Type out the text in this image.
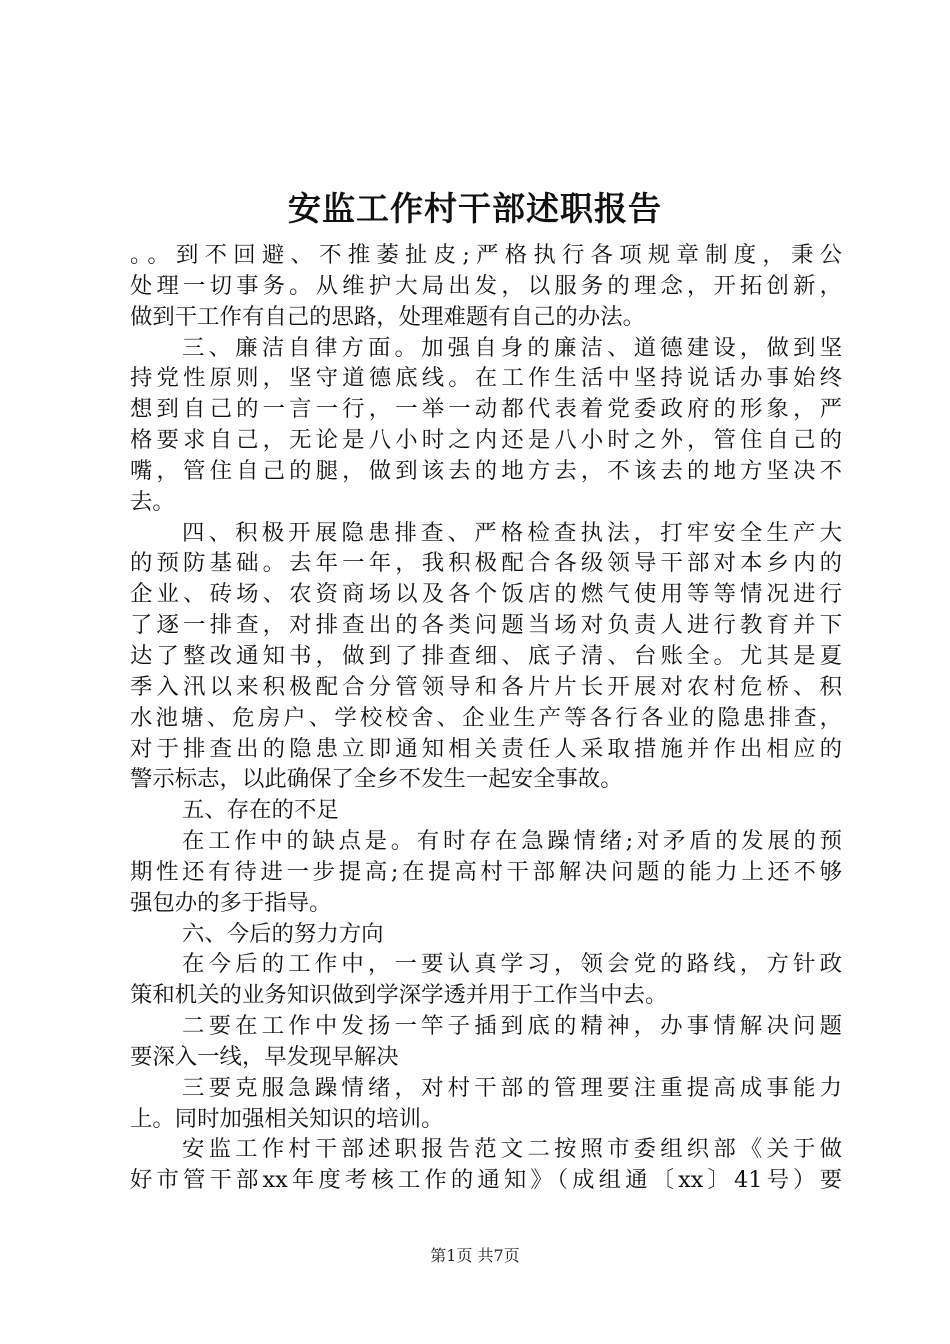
安监工作村干部述职报告
。。到不回避、不推萎扯皮;严格执行各项规章制度，秉公
处理一切事务。从维护大局出发，以服务的理念，开拓创新，
做到干工作有自己的思路，处理难题有自己的办法。
三、廉洁自律方面。加强自身的廉洁、道德建设，做到坚
持党性原则，坚守道德底线。在工作生活中坚持说话办事始终
想到自己的一言一行，一举一动都代表着党委政府的形象，严
格要求自己，无论是八小时之内还是八小时之外，管住自己的
嘴，管住自己的腿，做到该去的地方去，不该去的地方坚决不
去。
四、积极开展隐患排查、严格检查执法，打牢安全生产大
的预防基础。去年一年，我积极配合各级领导干部对本乡内的
企业、砖场、农资商场以及各个饭店的燃气使用等等情况进行
了逐一排查，对排查出的各类问题当场对负责人进行教育并下
达了整改通知书，做到了排查细、底子清、台账全。尤其是夏
季入汛以来积极配合分管领导和各片片长开展对农村危桥、积
水池塘、危房户、学校校舍、企业生产等各行各业的隐患排查，
对于排查出的隐患立即通知相关责任人采取措施并作出相应的
警示标志，以此确保了全乡不发生一起安全事故。
五、存在的不足
在工作中的缺点是。有时存在急躁情绪;对矛盾的发展的预
期性还有待进一步提高;在提高村干部解决问题的能力上还不够
强包办的多于指导。
六、今后的努力方向
在今后的工作中，一要认真学习，领会党的路线，方针政
策和机关的业务知识做到学深学透并用于工作当中去。
二要在工作中发扬一竿子插到底的精神，办事情解决问题
要深入一线，早发现早解决
三要克服急躁情绪，对村干部的管理要注重提高成事能力
上。同时加强相关知识的培训。
安监工作村干部述职报告范文二按照市委组织部《关于做
好市管干部xx年度考核工作的通知》（成组通〔xx〕41号）要
第1页 共7页
